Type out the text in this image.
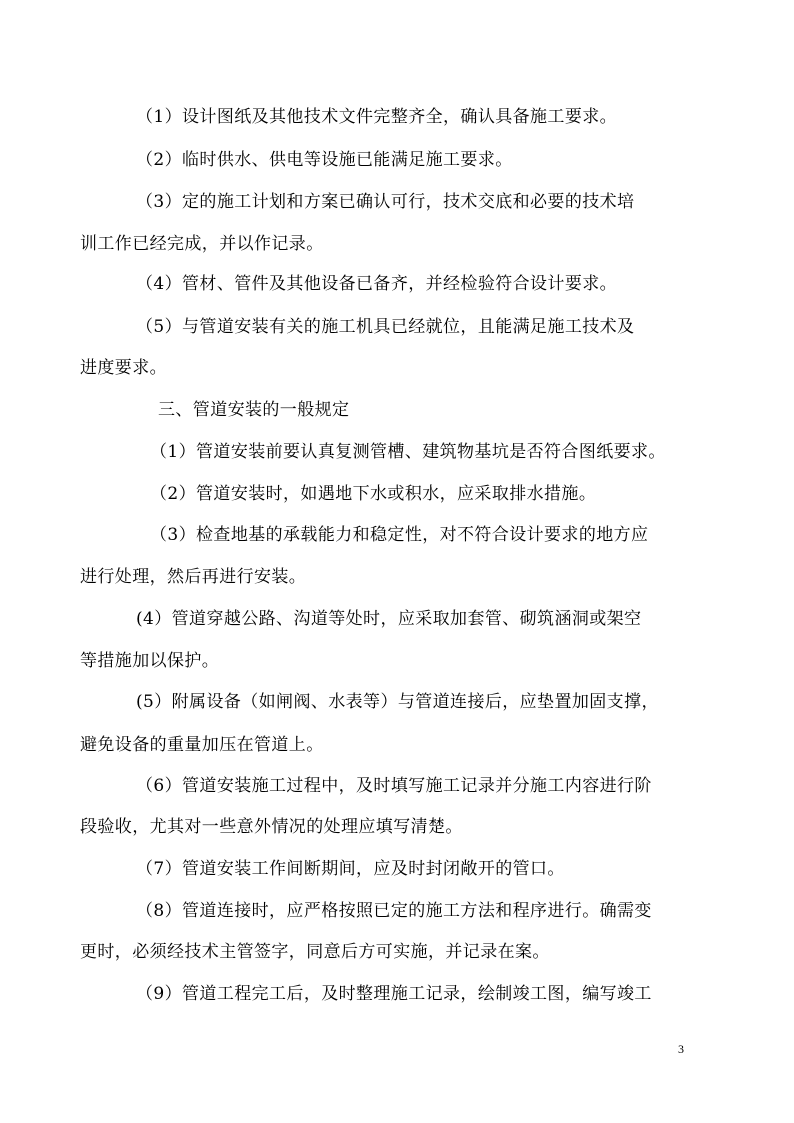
（1）设计图纸及其他技术文件完整齐全，确认具备施工要求。

（2）临时供水、供电等设施已能满足施工要求。

（3）定的施工计划和方案已确认可行，技术交底和必要的技术培

训工作已经完成，并以作记录。

（4）管材、管件及其他设备已备齐，并经检验符合设计要求。

（5）与管道安装有关的施工机具已经就位，且能满足施工技术及

进度要求。

三、管道安装的一般规定

（1）管道安装前要认真复测管槽、建筑物基坑是否符合图纸要求。

（2）管道安装时，如遇地下水或积水，应采取排水措施。

（3）检查地基的承载能力和稳定性，对不符合设计要求的地方应

进行处理，然后再进行安装。

(4）管道穿越公路、沟道等处时，应采取加套管、砌筑涵洞或架空

等措施加以保护。

(5）附属设备（如闸阀、水表等）与管道连接后，应垫置加固支撑，

避免设备的重量加压在管道上。

（6）管道安装施工过程中，及时填写施工记录并分施工内容进行阶

段验收，尤其对一些意外情况的处理应填写清楚。

（7）管道安装工作间断期间，应及时封闭敞开的管口。

（8）管道连接时，应严格按照已定的施工方法和程序进行。确需变

更时，必须经技术主管签字，同意后方可实施，并记录在案。

（9）管道工程完工后，及时整理施工记录，绘制竣工图，编写竣工

3
